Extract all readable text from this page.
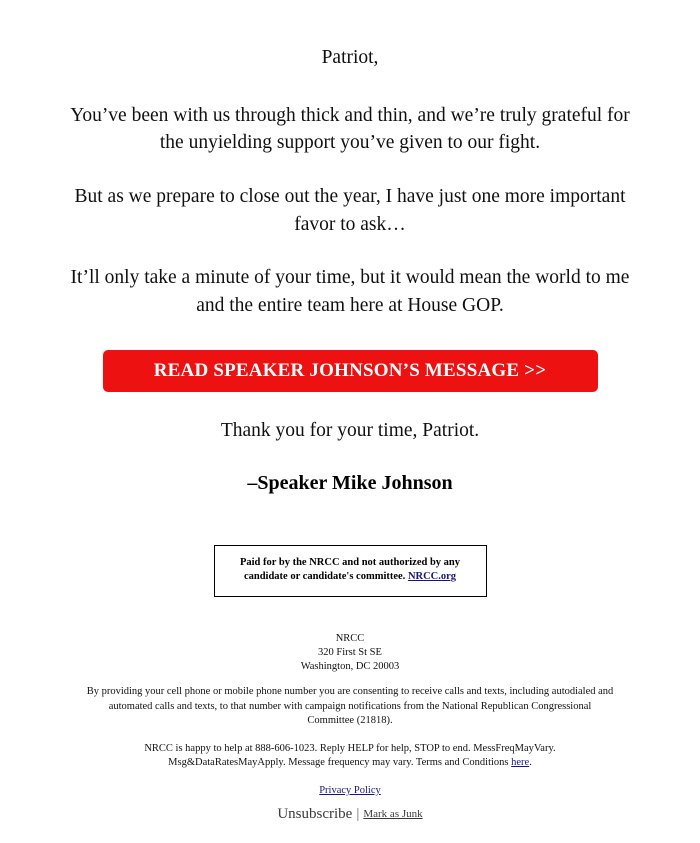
Patriot,

You’ve been with us through thick and thin, and we’re truly grateful for the unyielding support you’ve given to our fight.

But as we prepare to close out the year, I have just one more important favor to ask…

It’ll only take a minute of your time, but it would mean the world to me and the entire team here at House GOP.

READ SPEAKER JOHNSON’S MESSAGE >>

Thank you for your time, Patriot.

–Speaker Mike Johnson

Paid for by the NRCC and not authorized by any
candidate or candidate's committee. NRCC.org
NRCC
320 First St SE
Washington, DC 20003
By providing your cell phone or mobile phone number you are consenting to receive calls and texts, including autodialed and automated calls and texts, to that number with campaign notifications from the National Republican Congressional Committee (21818).
NRCC is happy to help at 888-606-1023. Reply HELP for help, STOP to end. MessFreqMayVary. Msg&DataRatesMayApply. Message frequency may vary. Terms and Conditions here.
Privacy Policy
Unsubscribe | Mark as Junk
